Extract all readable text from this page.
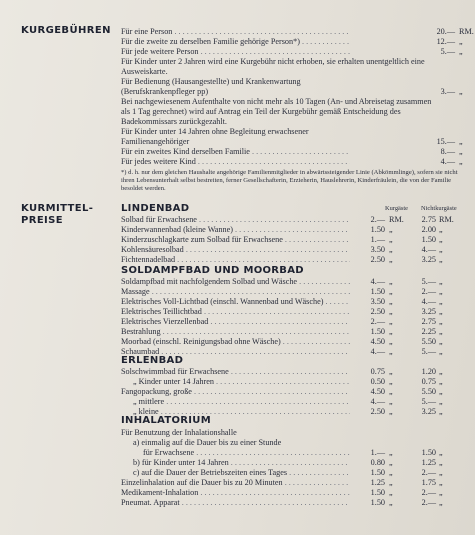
KURGEBÜHREN Für eine Person . . .	20.— RM.
Für die zweite zu derselben Familie gehörige Person*) . . .	12.— „
Für jede weitere Person . . .	5.— „
Für Kinder unter 2 Jahren wird eine Kurgebühr nicht erhoben, sie erhalten unentgeltlich eine Ausweiskarte.
Für Bedienung (Hausangestellte) und Krankenwartung (Berufskrankenpfleger pp)	3.— „
Bei nachgewiesenem Aufenthalte von nicht mehr als 10 Tagen (An- und Abreisetag zusammen als 1 Tag gerechnet) wird auf Antrag ein Teil der Kurgebühr gemäß Entscheidung des Badekommissars zurückgezahlt.
Für Kinder unter 14 Jahren ohne Begleitung erwachsener Familienangehöriger	15.— „
Für ein zweites Kind derselben Familie . . .	8.— „
Für jedes weitere Kind . . .	4.— „
*) d. h. nur dem gleichen Haushalte angehörige Familienmitglieder in abwärtssteigender Linie (Abkömmlinge), sofern sie nicht ihren Lebensunterhalt selbst bestreiten, ferner Gesellschafterin, Erzieherin, Hauslehrerin, Kinderfräulein, die von der Familie besoldet werden.
KURMITTEL-
PREISE
LINDENBAD	Kurgäste Nichtkurgäste
Solbad für Erwachsene . . .	2.— RM.	2.75 RM.
Kinderwannenbad (kleine Wanne) . . .	1.50 „	2.00 „
Kinderzuschlagkarte zum Solbad für Erwachsene . . .	1.— „	1.50 „
Kohlensäuresolbad . . .	3.50 „	4.— „
Fichtennadelbad . . .	2.50 „	3.25 „
SOLDAMPFBAD UND MOORBAD
Soldampfbad mit nachfolgendem Solbad und Wäsche . . .	4.— „	5.— „
Massage . . .	1.50 „	2.— „
Elektrisches Voll-Lichtbad (einschl. Wannenbad und Wäsche) . . .	3.50 „	4.— „
Elektrisches Teillichtbad . . .	2.50 „	3.25 „
Elektrisches Vierzellenbad . . .	2.— „	2.75 „
Bestrahlung . . .	1.50 „	2.25 „
Moorbad (einschl. Reinigungsbad ohne Wäsche) . . .	4.50 „	5.50 „
Schaumbad . . .	4.— „	5.— „
ERLENBAD
Solschwimmbad für Erwachsene . . .	0.75 „	1.20 „
„ Kinder unter 14 Jahren . . .	0.50 „	0.75 „
Fangopackung, große . . .	4.50 „	5.50 „
„ mittlere . . .	4.— „	5.— „
„ kleine . . .	2.50 „	3.25 „
INHALATORIUM
Für Benutzung der Inhalationshalle
a) einmalig auf die Dauer bis zu einer Stunde
für Erwachsene . . .	1.— „	1.50 „
b) für Kinder unter 14 Jahren . . .	0.80 „	1.25 „
c) auf die Dauer der Betriebszeiten eines Tages . . .	1.50 „	2.— „
Einzelinhalation auf die Dauer bis zu 20 Minuten . . .	1.25 „	1.75 „
Medikament-Inhalation . . .	1.50 „	2.— „
Pneumat. Apparat . . .	1.50 „	2.— „
